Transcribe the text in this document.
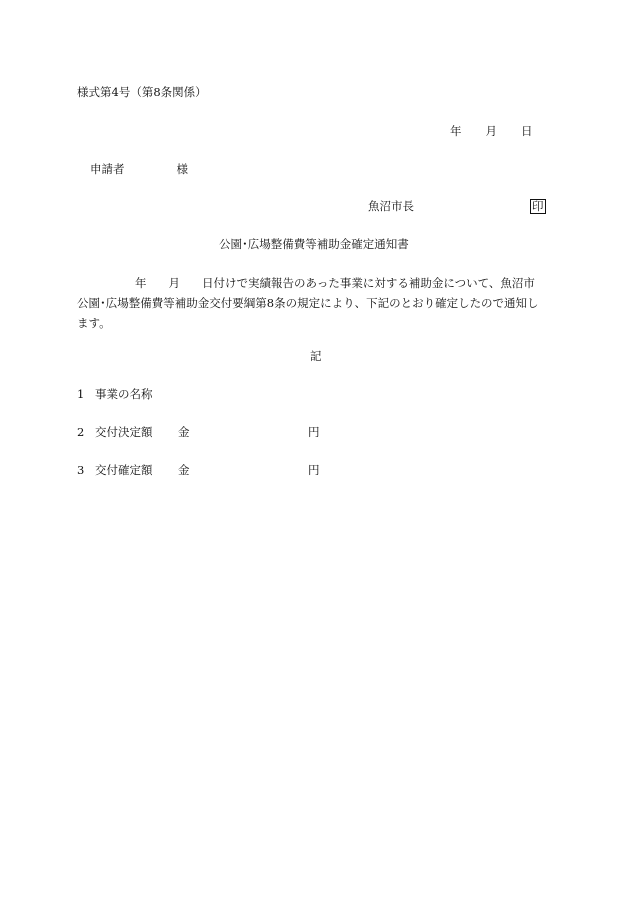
様式第4号（第8条関係）
年 月 日
申請者	様
魚沼市長	印
公園･広場整備費等補助金確定通知書
年 月 日付けで実績報告のあった事業に対する補助金について、魚沼市
公園･広場整備費等補助金交付要綱第8条の規定により、下記のとおり確定したので通知し
ます。
記
1 事業の名称
2 交付決定額 金	円
3 交付確定額 金	円
